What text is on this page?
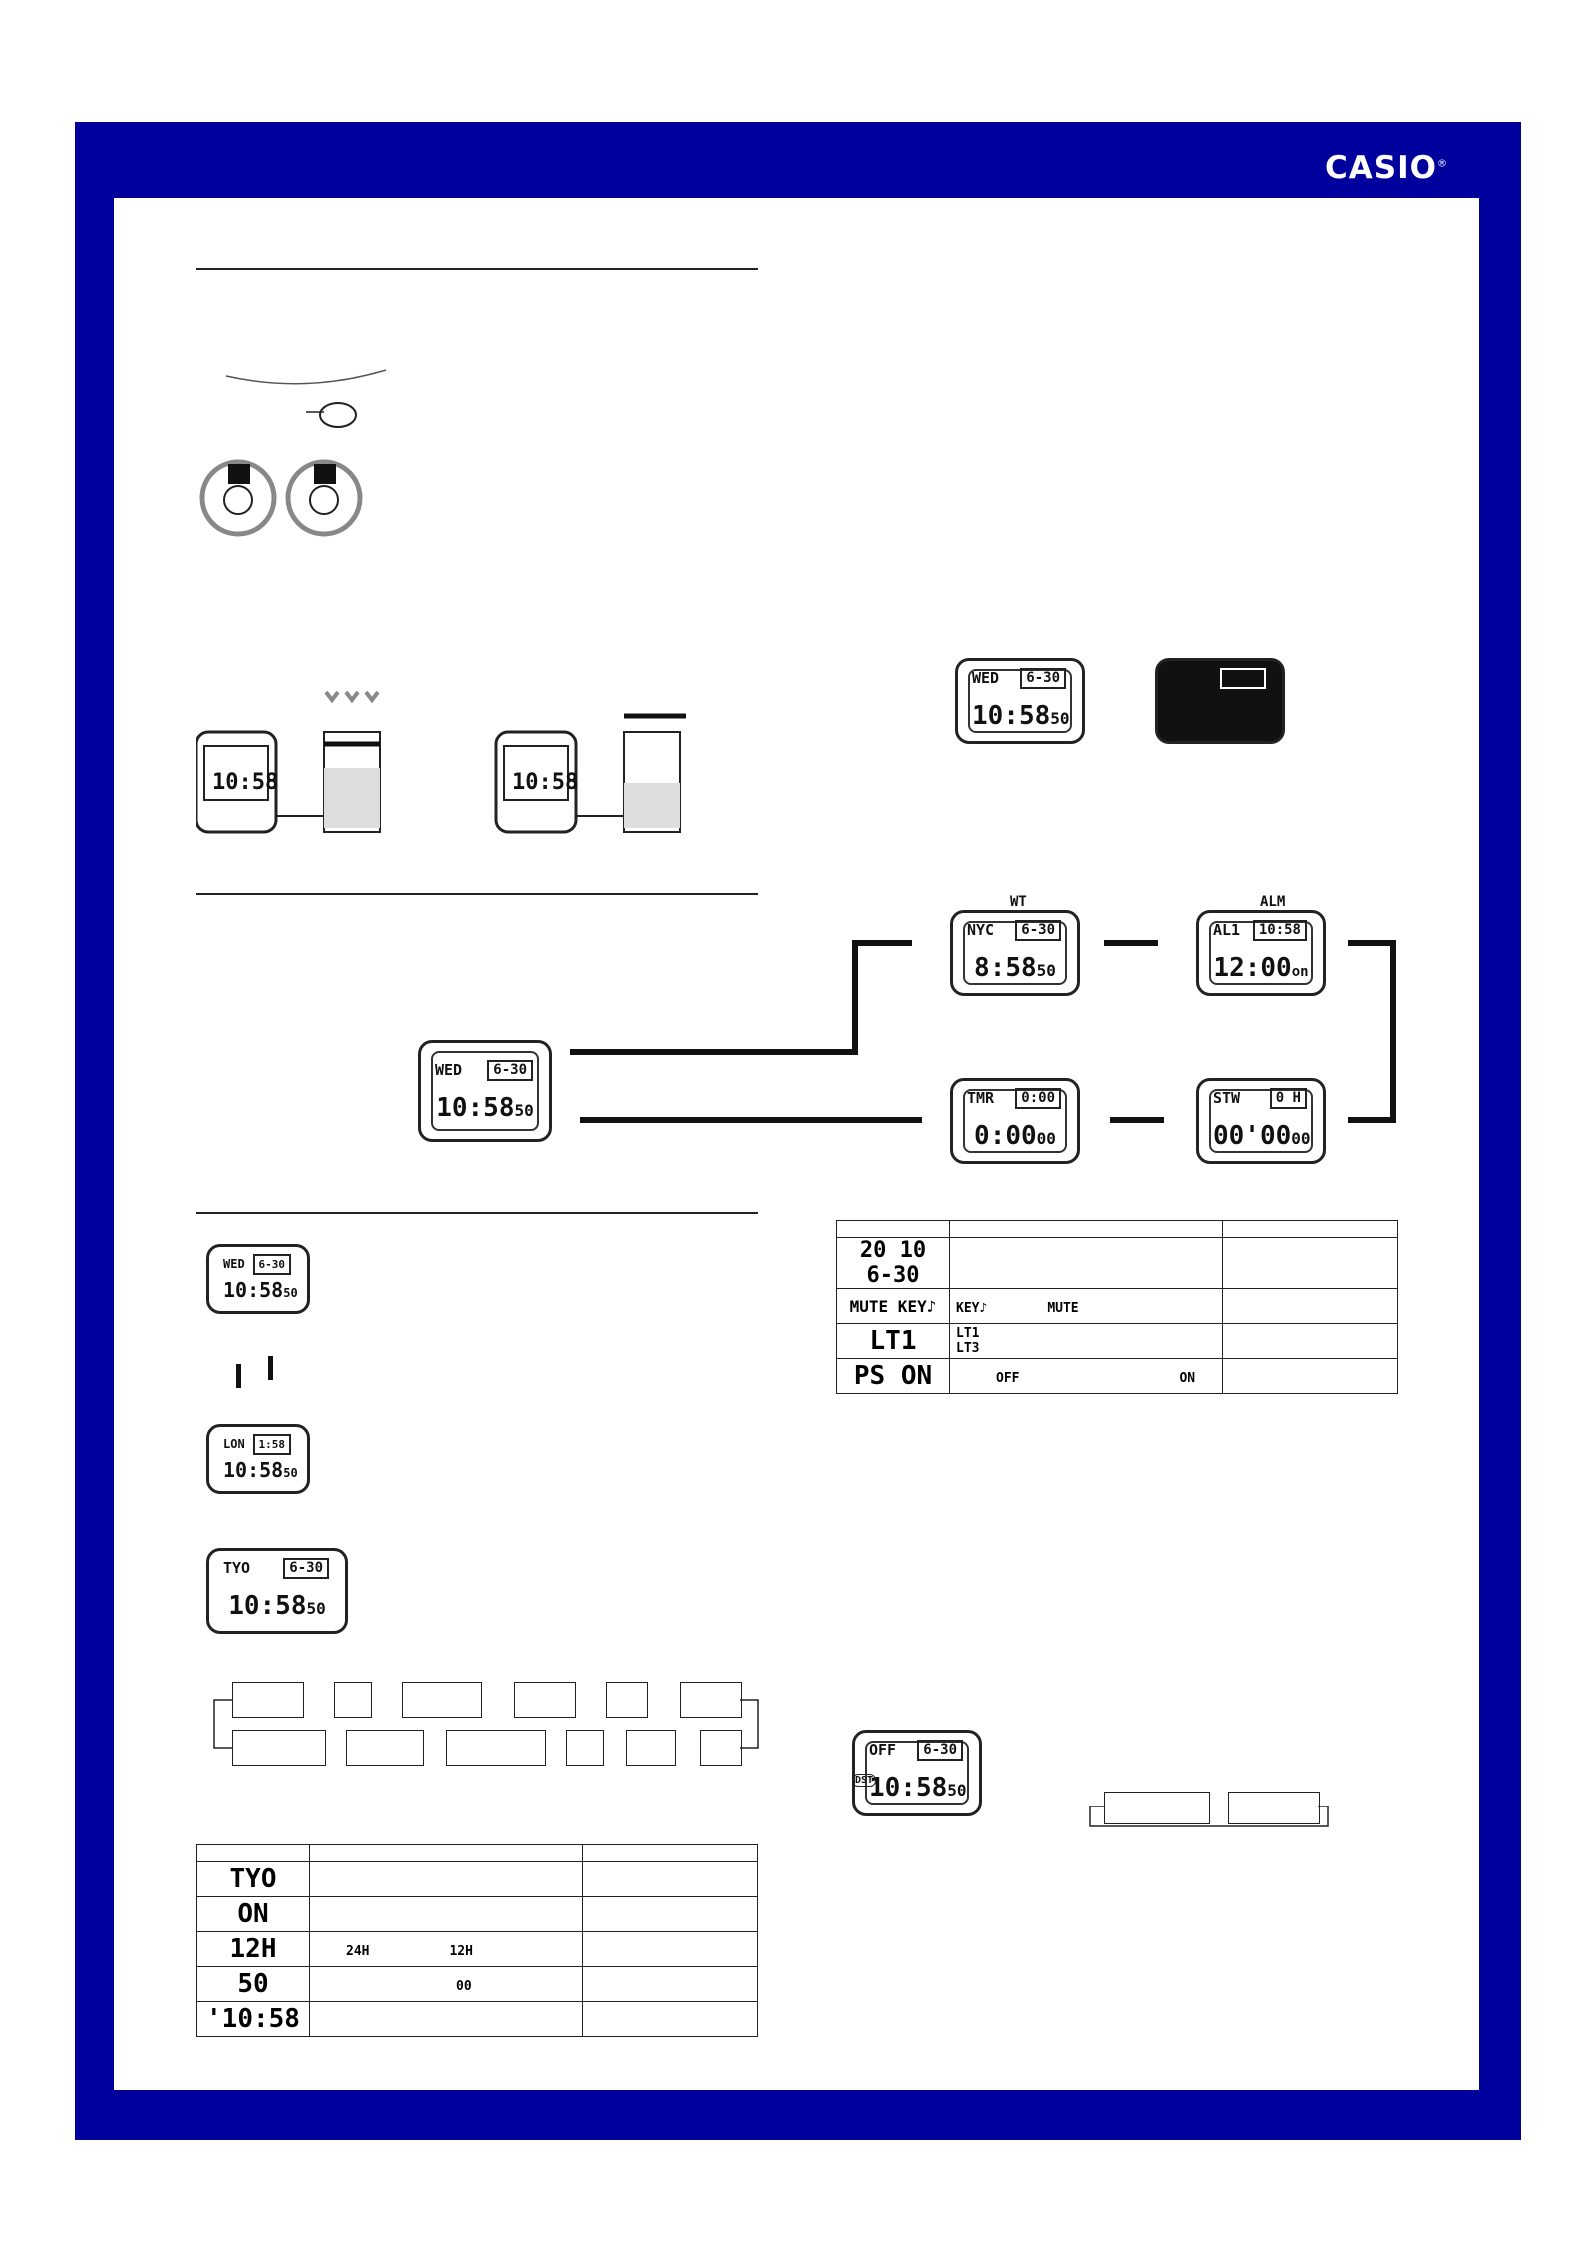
CASIO®
10:58	10:58
WED	6-30
10:5850
WED	6-30
10:5850
WED	6-30
10:5850
NYC	6-30
8:5850
WT
AL1	10:58
12:00on
ALM
TMR	0:00
0:0000
STW	0 H
00'0000
WED	6-30
10:5850
LON	1:58
10:5850
TYO	6-30
10:5850
OFF	6-30
10:5850
DST

TYO		
ON		
12H	24H 12H	
50	00	
'10:58		

20 10 6-30		
MUTE KEY♪	KEY♪ MUTE	
LT1	LT1
LT3	

PS ON	OFF ON	
